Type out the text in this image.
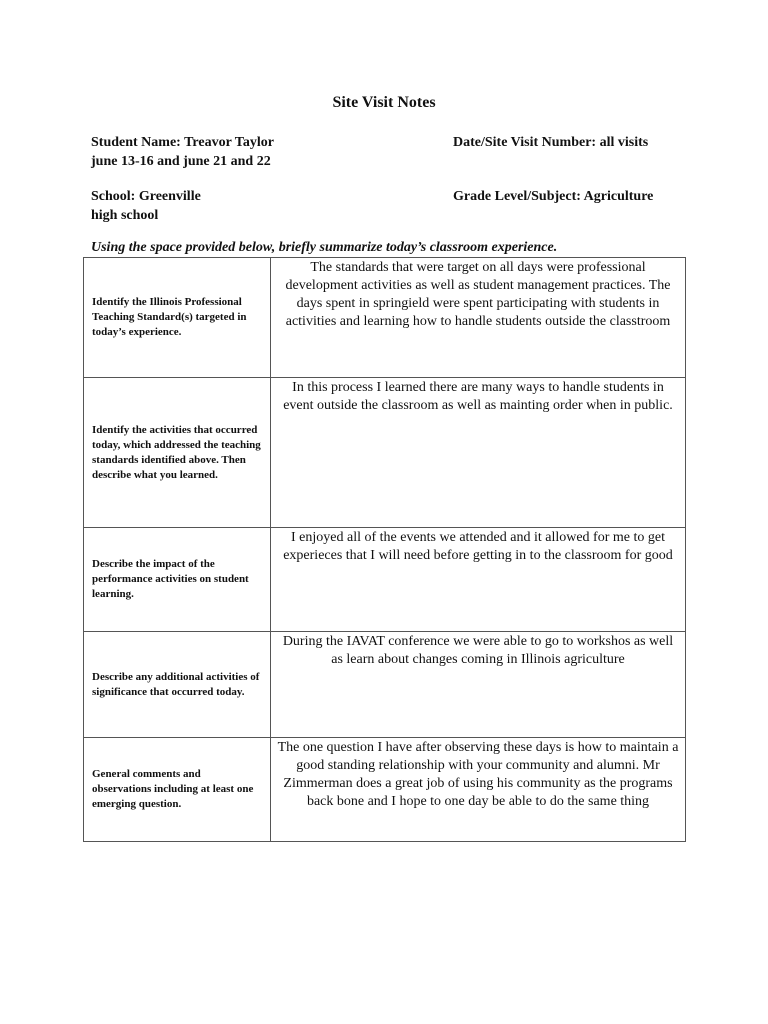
Site Visit Notes
Student Name: Treavor Taylor
june 13-16 and june 21 and 22
Date/Site Visit Number: all visits
School: Greenville
high school
Grade Level/Subject: Agriculture
Using the space provided below, briefly summarize today’s classroom experience.
Identify the Illinois Professional Teaching Standard(s) targeted in today’s experience.	The standards that were target on all days were professional development activities as well as student management practices. The days spent in springield were spent participating with students in activities and learning how to handle students outside the classtroom
Identify the activities that occurred today, which addressed the teaching standards identified above. Then describe what you learned.	In this process I learned there are many ways to handle students in event outside the classroom as well as mainting order when in public.
Describe the impact of the performance activities on student learning.	I enjoyed all of the events we attended and it allowed for me to get experieces that I will need before getting in to the classroom for good
Describe any additional activities of significance that occurred today.	During the IAVAT conference we were able to go to workshos as well as learn about changes coming in Illinois agriculture
General comments and observations including at least one emerging question.	The one question I have after observing these days is how to maintain a good standing relationship with your community and alumni. Mr Zimmerman does a great job of using his community as the programs back bone and I hope to one day be able to do the same thing
